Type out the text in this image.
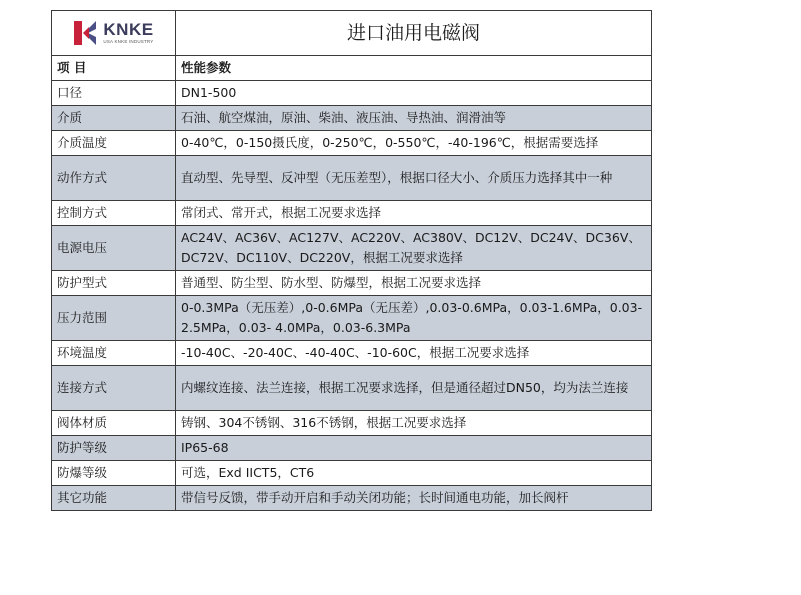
KNKE
USA KNKE INDUSTRY	进口油用电磁阀
项 目	性能参数
口径	DN1-500
介质	石油、航空煤油，原油、柴油、液压油、导热油、润滑油等
介质温度	0-40℃，0-150摄氏度，0-250℃，0-550℃，-40-196℃，根据需要选择
动作方式	直动型、先导型、反冲型（无压差型），根据口径大小、介质压力选择其中一种
控制方式	常闭式、常开式，根据工况要求选择
电源电压	AC24V、AC36V、AC127V、AC220V、AC380V、DC12V、DC24V、DC36V、DC72V、DC110V、DC220V，根据工况要求选择
防护型式	普通型、防尘型、防水型、防爆型，根据工况要求选择
压力范围	0-0.3MPa（无压差）,0-0.6MPa（无压差）,0.03-0.6MPa，0.03-1.6MPa，0.03-2.5MPa，0.03- 4.0MPa，0.03-6.3MPa
环境温度	-10-40C、-20-40C、-40-40C、-10-60C，根据工况要求选择
连接方式	内螺纹连接、法兰连接，根据工况要求选择，但是通径超过DN50，均为法兰连接
阀体材质	铸钢、304不锈钢、316不锈钢，根据工况要求选择
防护等级	IP65-68
防爆等级	可选，Exd IICT5，CT6
其它功能	带信号反馈，带手动开启和手动关闭功能；长时间通电功能，加长阀杆
